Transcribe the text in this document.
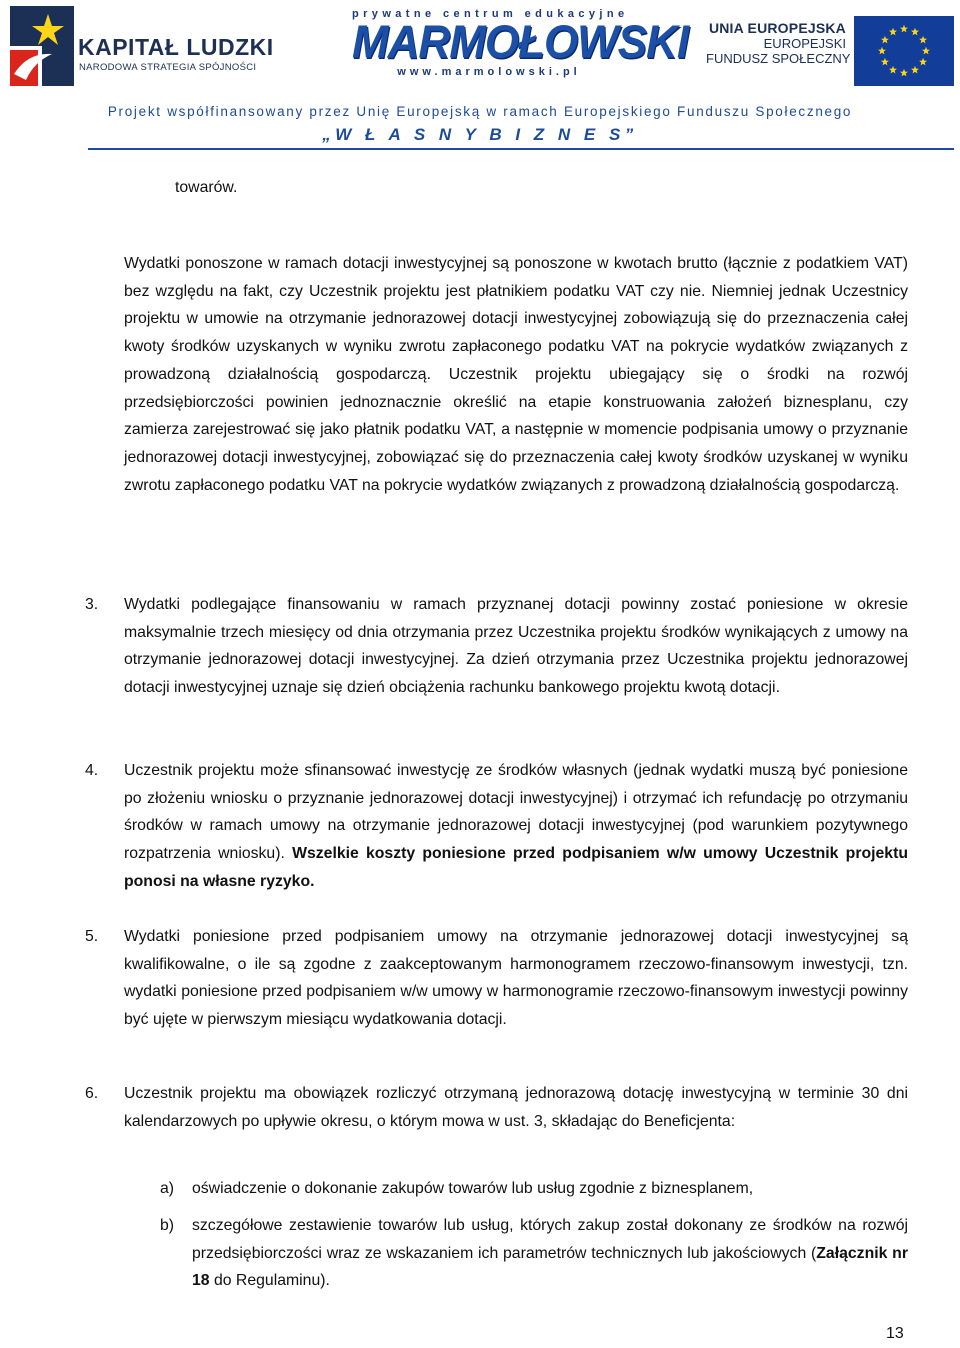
KAPITAŁ LUDZKI
NARODOWA STRATEGIA SPÓJNOŚCI
prywatne centrum edukacyjne
MARMOŁOWSKI
www.marmolowski.pl
UNIA EUROPEJSKA
EUROPEJSKI
FUNDUSZ SPOŁECZNY
Projekt współfinansowany przez Unię Europejską w ramach Europejskiego Funduszu Społecznego
„W Ł A S N Y B I Z N E S”
towarów.
Wydatki ponoszone w ramach dotacji inwestycyjnej są ponoszone w kwotach brutto (łącznie z podatkiem VAT) bez względu na fakt, czy Uczestnik projektu jest płatnikiem podatku VAT czy nie. Niemniej jednak Uczestnicy projektu w umowie na otrzymanie jednorazowej dotacji inwestycyjnej zobowiązują się do przeznaczenia całej kwoty środków uzyskanych w wyniku zwrotu zapłaconego podatku VAT na pokrycie wydatków związanych z prowadzoną działalnością gospodarczą. Uczestnik projektu ubiegający się o środki na rozwój przedsiębiorczości powinien jednoznacznie określić na etapie konstruowania założeń biznesplanu, czy zamierza zarejestrować się jako płatnik podatku VAT, a następnie w momencie podpisania umowy o przyznanie jednorazowej dotacji inwestycyjnej, zobowiązać się do przeznaczenia całej kwoty środków uzyskanej w wyniku zwrotu zapłaconego podatku VAT na pokrycie wydatków związanych z prowadzoną działalnością gospodarczą.
3.	Wydatki podlegające finansowaniu w ramach przyznanej dotacji powinny zostać poniesione w okresie maksymalnie trzech miesięcy od dnia otrzymania przez Uczestnika projektu środków wynikających z umowy na otrzymanie jednorazowej dotacji inwestycyjnej. Za dzień otrzymania przez Uczestnika projektu jednorazowej dotacji inwestycyjnej uznaje się dzień obciążenia rachunku bankowego projektu kwotą dotacji.
4.	Uczestnik projektu może sfinansować inwestycję ze środków własnych (jednak wydatki muszą być poniesione po złożeniu wniosku o przyznanie jednorazowej dotacji inwestycyjnej) i otrzymać ich refundację po otrzymaniu środków w ramach umowy na otrzymanie jednorazowej dotacji inwestycyjnej (pod warunkiem pozytywnego rozpatrzenia wniosku). Wszelkie koszty poniesione przed podpisaniem w/w umowy Uczestnik projektu ponosi na własne ryzyko.
5.	Wydatki poniesione przed podpisaniem umowy na otrzymanie jednorazowej dotacji inwestycyjnej są kwalifikowalne, o ile są zgodne z zaakceptowanym harmonogramem rzeczowo-finansowym inwestycji, tzn. wydatki poniesione przed podpisaniem w/w umowy w harmonogramie rzeczowo-finansowym inwestycji powinny być ujęte w pierwszym miesiącu wydatkowania dotacji.
6.	Uczestnik projektu ma obowiązek rozliczyć otrzymaną jednorazową dotację inwestycyjną w terminie 30 dni kalendarzowych po upływie okresu, o którym mowa w ust. 3, składając do Beneficjenta:
a)	oświadczenie o dokonanie zakupów towarów lub usług zgodnie z biznesplanem,
b)	szczegółowe zestawienie towarów lub usług, których zakup został dokonany ze środków na rozwój przedsiębiorczości wraz ze wskazaniem ich parametrów technicznych lub jakościowych (Załącznik nr 18 do Regulaminu).
13
